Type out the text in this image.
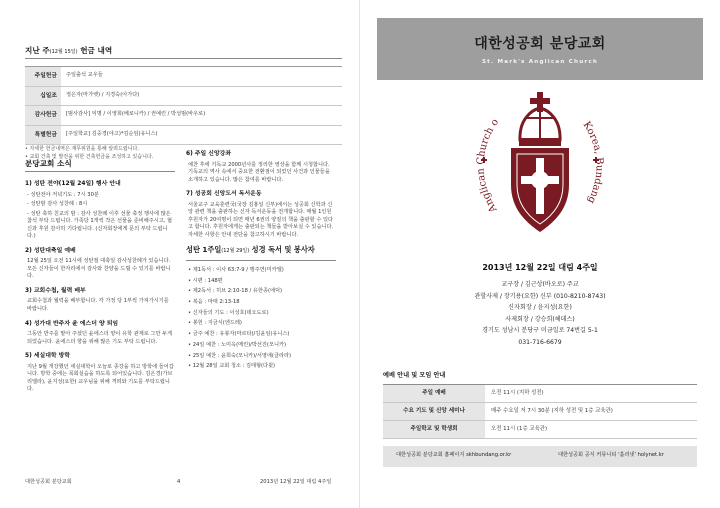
지난 주(12월 15일) 헌금 내역
주일헌금	주일출석 교우들
십일조	정은자(마가렛) / 지경숙(아가다)
감사헌금	[범사감사] 익명 / 이영희(베로니카) / 권예린 / 박성범(바우로)
특별헌금	[주일학교] 김중경(야고)*김순임(유니스)
• 자세한 헌금내역은 재무위원을 통해 알려드립니다.
• 교회 건축 및 발전을 위한 건축헌금을 조성하고 있습니다.
분당교회 소식
1) 성탄 전야(12월 24일) 행사 안내
- 성탄전야 저녁기도 : 7시 30분
- 성탄밤 감사 성찬례 : 8시
- 성탄 축하 친교의 밤 : 감사 성찬례 이후 선물 축정 행사에 많은 참석 부탁 드립니다. 가족당 1개씩 작은 선물을 준비해주시고, 협신과 후원 감사히 기다립니다. (신자회장에게 문의 부탁 드립니다.)
2) 성탄대축일 예배
12월 25일 오전 11시에 성탄절 대축일 감사성찬례가 있습니다. 모든 신자들이 한자리에서 감사와 찬양을 드릴 수 있기를 바랍니다.
3) 교회수첩, 월력 배부
교회수첩과 월력을 배부합니다. 각 가정 당 1부씩 가져가시기를 바랍니다.
4) 성가대 반주자 윤 에스더 양 퇴임
그동안 반주를 맡아 주셨던 윤에스더 양이 유학 관계로 그만 두게 되었습니다. 윤에스더 향을 위해 많은 기도 부탁 드립니다.
5) 세실대학 방학
지난 9월 개강했던 세실대학이 오늘로 종강을 하고 방학에 들어갑니다. 방학 중에는 목회실습을 하도록 되어있습니다. 김은경(가브리엘라), 윤지성(요한) 교우님을 위해 격려와 기도를 부탁드립니다.
6) 주일 신앙강좌
예찬 후에 기독교 2000년사를 정리한 영상을 함께 시청합니다. 기독교의 역사 속에서 중요한 전환점이 되었던 사건과 인물들을 소개하고 있습니다. 많은 참여를 바랍니다.
7) 성공회 신앙도서 독서운동
서울교구 교육훈련국(국장 김홍일 신부)에서는 성공회 신학과 신앙 관련 책을 출판하는 신자 독서운동을 전개합니다. 매월 1인원 후원자가 20여명이 되면 매년 6권의 양질의 책을 출판할 수 있다고 합니다. 후원자에게는 출판되는 책들을 받아보실 수 있습니다. 자세한 사항은 안내 전단을 참고하시기 바랍니다.
성탄 1주일(12월 29일) 성경 독서 및 봉사자
• 제1독서 : 이사 63:7-9 / 맹주연(미카엘)
• 시편 : 148편
• 제2독서 : 히브 2:10-18 / 유한종(에딕)
• 복음 : 마태 2:13-18
• 신자들의 기도 : 이성호(데오도로)
• 봉헌 : 지금식(엔드레)
• 금주 예찬 : 유봉자(마르타)/김윤임(유니스)
• 24일 예찬 : 노미옥(메린)/박선진(모니카)
• 25일 예찬 : 윤희숙(모니카)/서영애(클라라)
• 12월 28일 교회 청소 : 김태형(다윗)
대한성공회 분당교회	4	2013년 12월 22일 대림 4주일
대한성공회 분당교회
St. Mark's Anglican Church
Anglican Church o	Korea, Bundang
2013년 12월 22일 대림 4주일
교구장 / 김근상(바오로) 주교
관할사제 / 장기용(요한) 신부 (010-8210-8743)
신자회장 / 윤지성(요한)
사제회장 / 강승희(헤데스)
경기도 성남시 분당구 미금일로 74번길 5-1
031-716-6679
예배 안내 및 모임 안내
주일 예배	오전 11시 (지하 성전)
수요 기도 및 신앙 세미나	매주 수요일 저 7시 30분 (지하 성전 및 1층 교육관)
주일학교 및 학생회	오전 11시 (1층 교육관)
대한성공회 분당교회 홈페이지 skhbundang.or.kr	대한성공회 공식 커뮤니티 '홀리넷' holynet.kr
